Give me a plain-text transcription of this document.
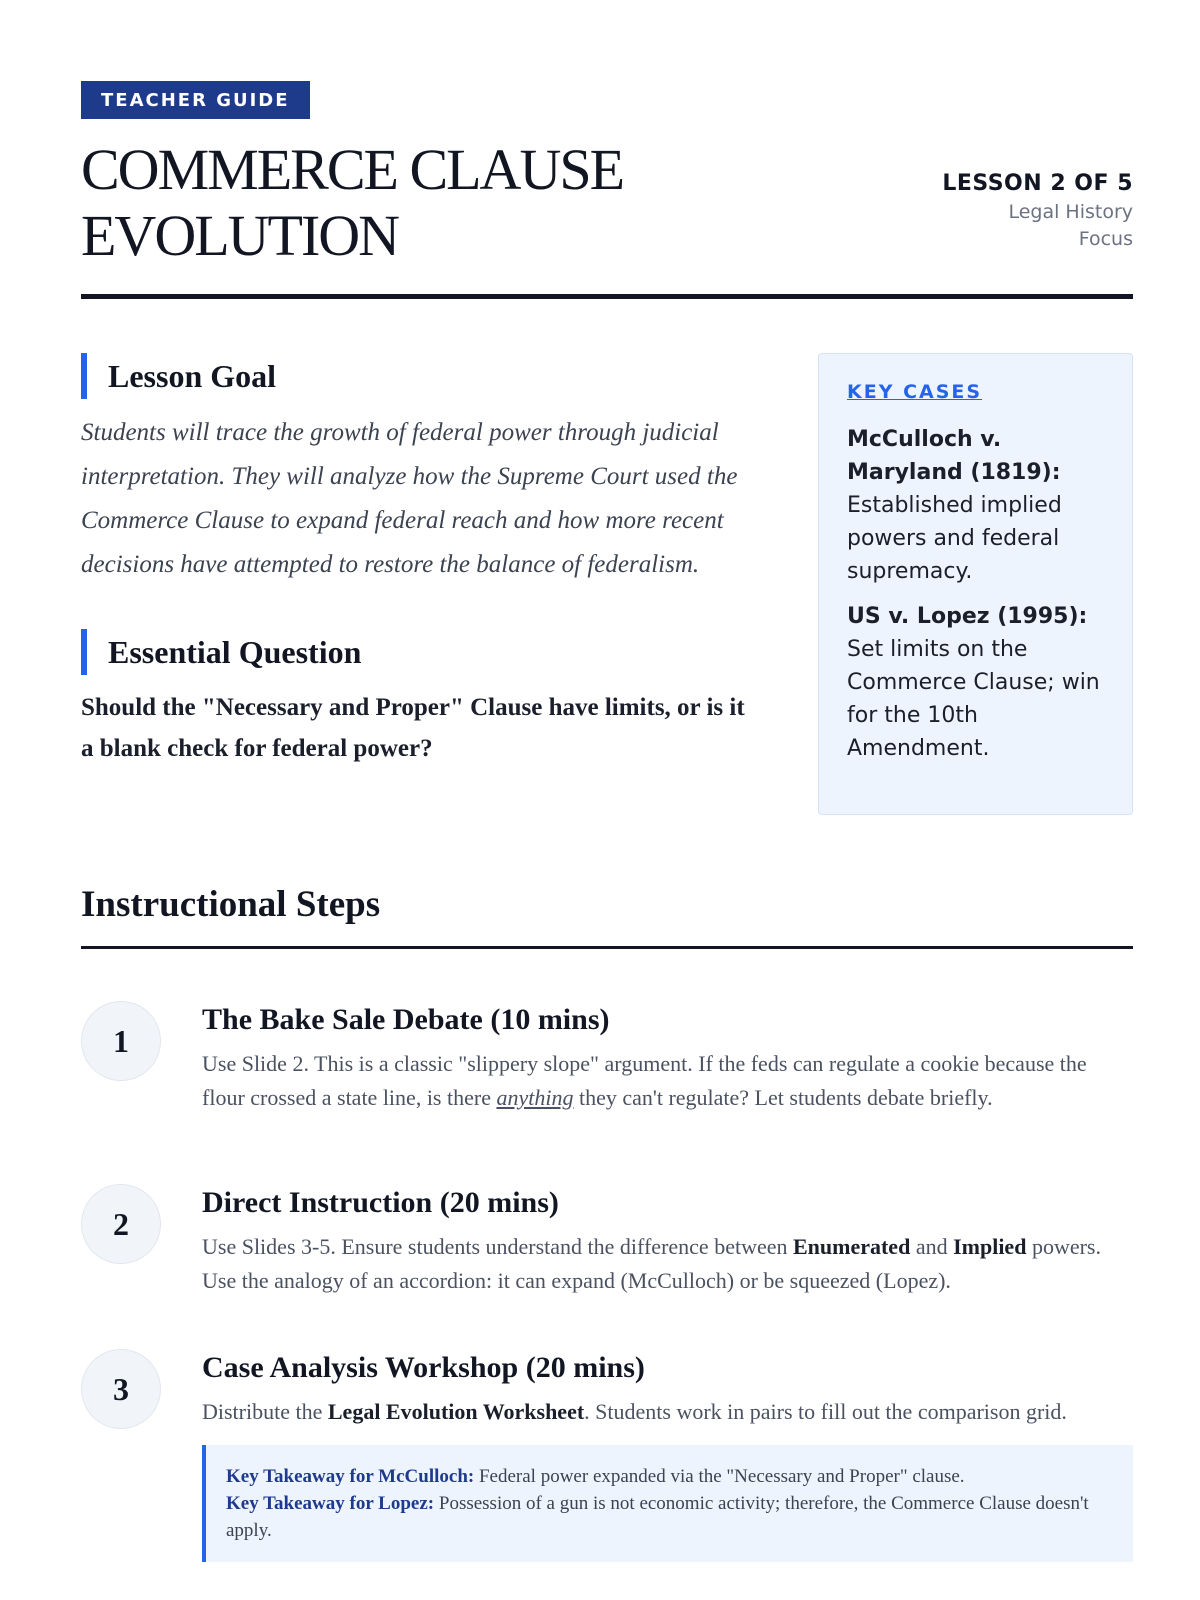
TEACHER GUIDE
COMMERCE CLAUSE
EVOLUTION
LESSON 2 OF 5
Legal History
Focus
Lesson Goal

Students will trace the growth of federal power through judicial interpretation. They will analyze how the Supreme Court used the Commerce Clause to expand federal reach and how more recent decisions have attempted to restore the balance of federalism.

Essential Question

Should the "Necessary and Proper" Clause have limits, or is it a blank check for federal power?

KEY CASES
McCulloch v. Maryland (1819): Established implied powers and federal supremacy.
US v. Lopez (1995): Set limits on the Commerce Clause; win for the 10th Amendment.
Instructional Steps
1
The Bake Sale Debate (10 mins)

Use Slide 2. This is a classic "slippery slope" argument. If the feds can regulate a cookie because the flour crossed a state line, is there anything they can't regulate? Let students debate briefly.

2
Direct Instruction (20 mins)

Use Slides 3-5. Ensure students understand the difference between Enumerated and Implied powers. Use the analogy of an accordion: it can expand (McCulloch) or be squeezed (Lopez).

3
Case Analysis Workshop (20 mins)

Distribute the Legal Evolution Worksheet. Students work in pairs to fill out the comparison grid.

Key Takeaway for McCulloch: Federal power expanded via the "Necessary and Proper" clause.
Key Takeaway for Lopez: Possession of a gun is not economic activity; therefore, the Commerce Clause doesn't apply.
